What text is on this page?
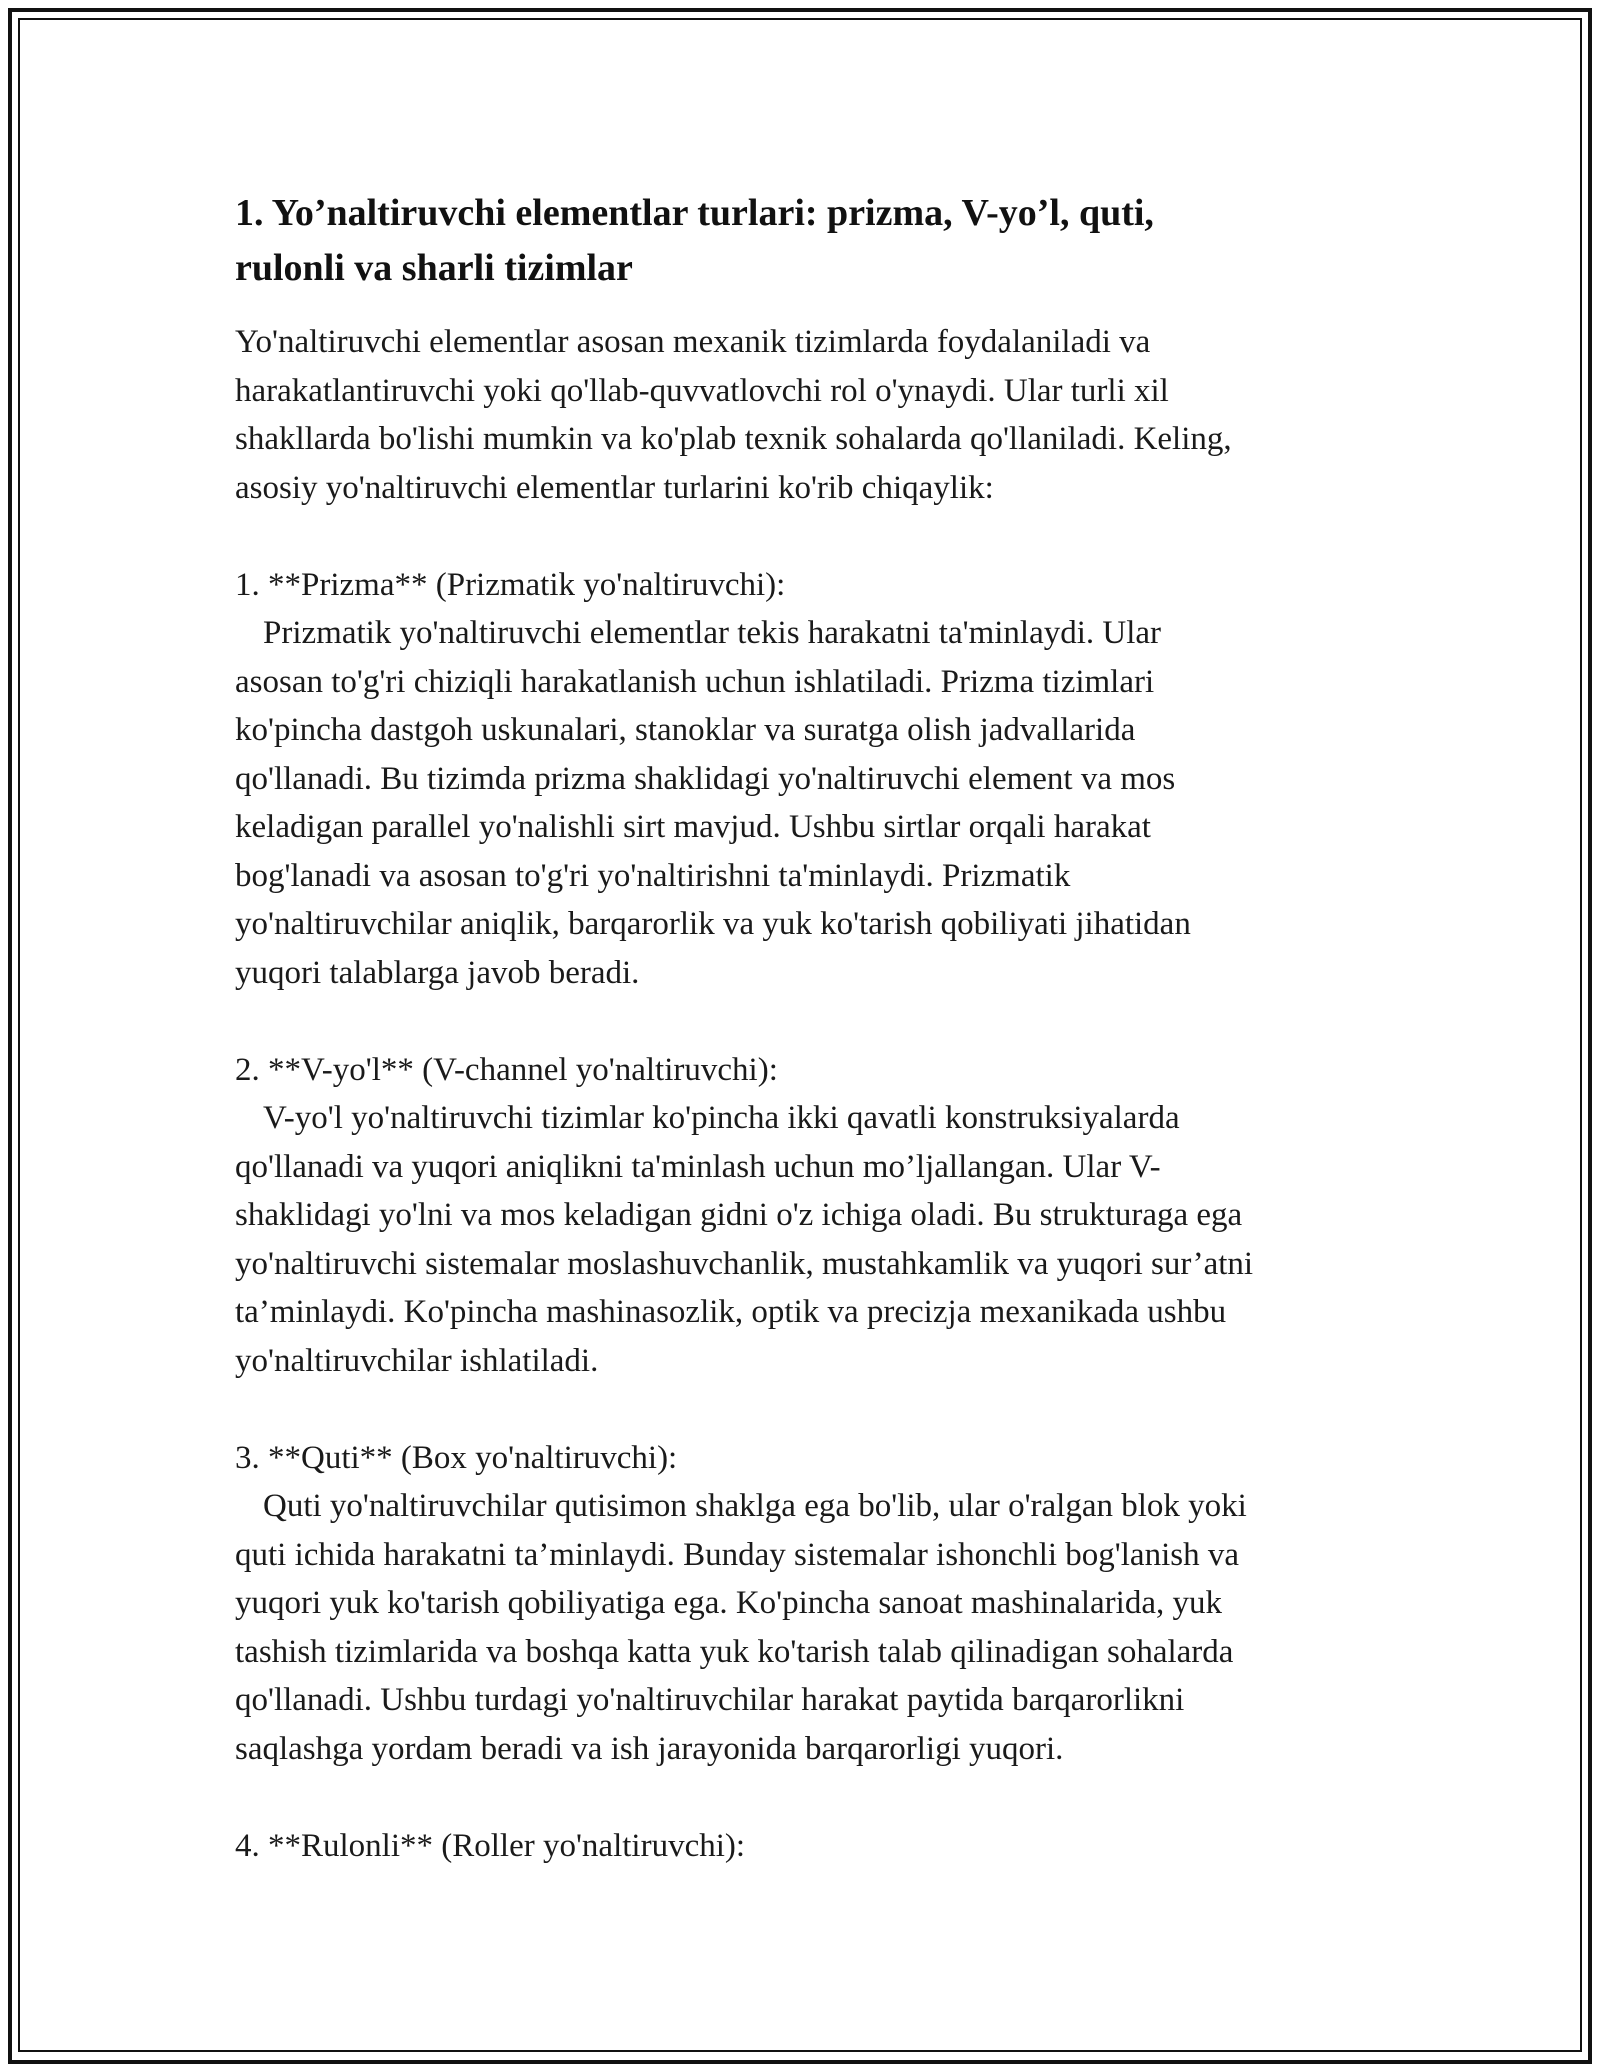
1. Yo’naltiruvchi elementlar turlari: prizma, V-yo’l, quti,
rulonli va sharli tizimlar
Yo'naltiruvchi elementlar asosan mexanik tizimlarda foydalaniladi va
harakatlantiruvchi yoki qo'llab-quvvatlovchi rol o'ynaydi. Ular turli xil
shakllarda bo'lishi mumkin va ko'plab texnik sohalarda qo'llaniladi. Keling,
asosiy yo'naltiruvchi elementlar turlarini ko'rib chiqaylik:
1. **Prizma** (Prizmatik yo'naltiruvchi):
Prizmatik yo'naltiruvchi elementlar tekis harakatni ta'minlaydi. Ular
asosan to'g'ri chiziqli harakatlanish uchun ishlatiladi. Prizma tizimlari
ko'pincha dastgoh uskunalari, stanoklar va suratga olish jadvallarida
qo'llanadi. Bu tizimda prizma shaklidagi yo'naltiruvchi element va mos
keladigan parallel yo'nalishli sirt mavjud. Ushbu sirtlar orqali harakat
bog'lanadi va asosan to'g'ri yo'naltirishni ta'minlaydi. Prizmatik
yo'naltiruvchilar aniqlik, barqarorlik va yuk ko'tarish qobiliyati jihatidan
yuqori talablarga javob beradi.
2. **V-yo'l** (V-channel yo'naltiruvchi):
V-yo'l yo'naltiruvchi tizimlar ko'pincha ikki qavatli konstruksiyalarda
qo'llanadi va yuqori aniqlikni ta'minlash uchun mo’ljallangan. Ular V-
shaklidagi yo'lni va mos keladigan gidni o'z ichiga oladi. Bu strukturaga ega
yo'naltiruvchi sistemalar moslashuvchanlik, mustahkamlik va yuqori sur’atni
ta’minlaydi. Ko'pincha mashinasozlik, optik va precizja mexanikada ushbu
yo'naltiruvchilar ishlatiladi.
3. **Quti** (Box yo'naltiruvchi):
Quti yo'naltiruvchilar qutisimon shaklga ega bo'lib, ular o'ralgan blok yoki
quti ichida harakatni ta’minlaydi. Bunday sistemalar ishonchli bog'lanish va
yuqori yuk ko'tarish qobiliyatiga ega. Ko'pincha sanoat mashinalarida, yuk
tashish tizimlarida va boshqa katta yuk ko'tarish talab qilinadigan sohalarda
qo'llanadi. Ushbu turdagi yo'naltiruvchilar harakat paytida barqarorlikni
saqlashga yordam beradi va ish jarayonida barqarorligi yuqori.
4. **Rulonli** (Roller yo'naltiruvchi):
